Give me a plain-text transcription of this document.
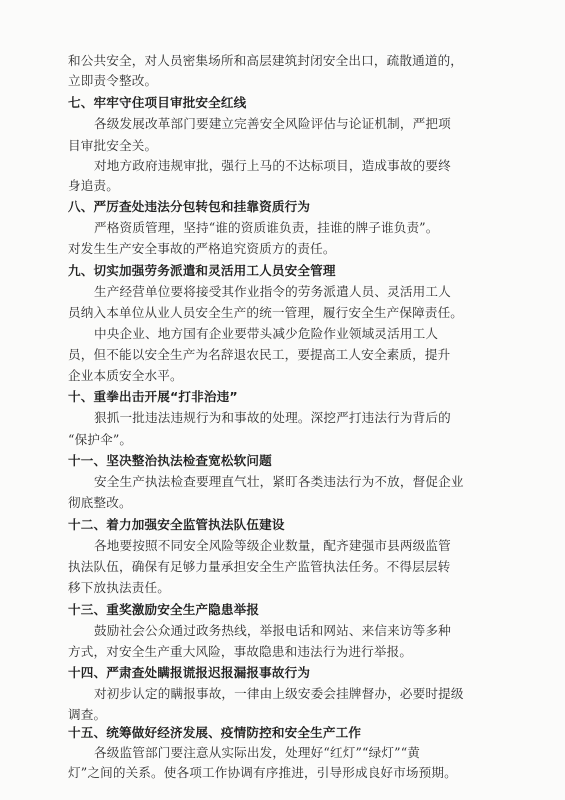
和公共安全，对人员密集场所和高层建筑封闭安全出口，疏散通道的，
立即责令整改。
七、牢牢守住项目审批安全红线
各级发展改革部门要建立完善安全风险评估与论证机制，严把项
目审批安全关。
对地方政府违规审批，强行上马的不达标项目，造成事故的要终
身追责。
八、严厉查处违法分包转包和挂靠资质行为
严格资质管理，坚持“谁的资质谁负责，挂谁的牌子谁负责”。
对发生生产安全事故的严格追究资质方的责任。
九、切实加强劳务派遣和灵活用工人员安全管理
生产经营单位要将接受其作业指令的劳务派遣人员、灵活用工人
员纳入本单位从业人员安全生产的统一管理，履行安全生产保障责任。
中央企业、地方国有企业要带头减少危险作业领域灵活用工人
员，但不能以安全生产为名辞退农民工，要提高工人安全素质，提升
企业本质安全水平。
十、重拳出击开展“打非治违”
狠抓一批违法违规行为和事故的处理。深挖严打违法行为背后的
“保护伞”。
十一、坚决整治执法检查宽松软问题
安全生产执法检查要理直气壮，紧盯各类违法行为不放，督促企业
彻底整改。
十二、着力加强安全监管执法队伍建设
各地要按照不同安全风险等级企业数量，配齐建强市县两级监管
执法队伍，确保有足够力量承担安全生产监管执法任务。不得层层转
移下放执法责任。
十三、重奖激励安全生产隐患举报
鼓励社会公众通过政务热线，举报电话和网站、来信来访等多种
方式，对安全生产重大风险，事故隐患和违法行为进行举报。
十四、严肃查处瞒报谎报迟报漏报事故行为
对初步认定的瞒报事故，一律由上级安委会挂牌督办，必要时提级
调查。
十五、统筹做好经济发展、疫情防控和安全生产工作
各级监管部门要注意从实际出发，处理好“红灯”“绿灯”“黄
灯”之间的关系。使各项工作协调有序推进，引导形成良好市场预期。
